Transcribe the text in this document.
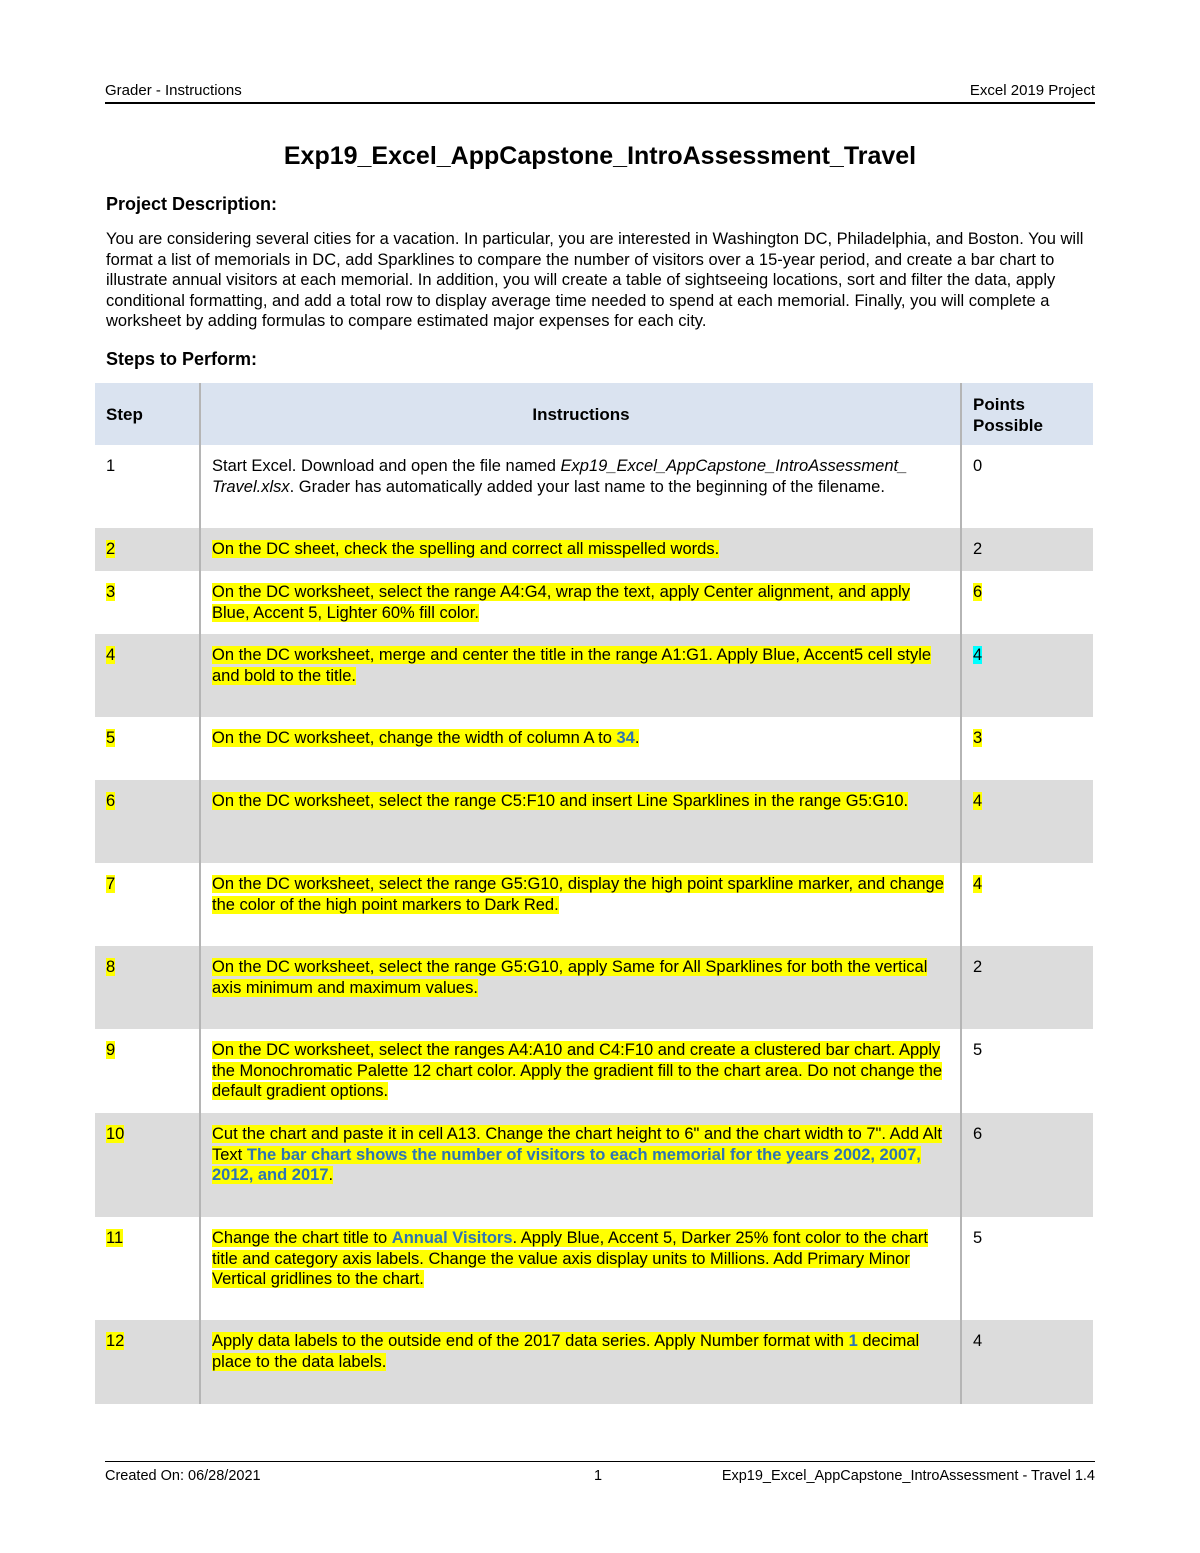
Grader - Instructions	Excel 2019 Project
Exp19_Excel_AppCapstone_IntroAssessment_Travel
Project Description:
You are considering several cities for a vacation. In particular, you are interested in Washington DC, Philadelphia, and Boston. You will format a list of memorials in DC, add Sparklines to compare the number of visitors over a 15-year period, and create a bar chart to illustrate annual visitors at each memorial. In addition, you will create a table of sightseeing locations, sort and filter the data, apply conditional formatting, and add a total row to display average time needed to spend at each memorial. Finally, you will complete a worksheet by adding formulas to compare estimated major expenses for each city.
Steps to Perform:
Step	Instructions	Points
Possible
1	Start Excel. Download and open the file named Exp19_Excel_AppCapstone_IntroAssessment_ Travel.xlsx. Grader has automatically added your last name to the beginning of the filename.	0
2	On the DC sheet, check the spelling and correct all misspelled words.	2
3	On the DC worksheet, select the range A4:G4, wrap the text, apply Center alignment, and apply Blue, Accent 5, Lighter 60% fill color.	6
4	On the DC worksheet, merge and center the title in the range A1:G1. Apply Blue, Accent5 cell style and bold to the title.	4
5	On the DC worksheet, change the width of column A to 34.	3
6	On the DC worksheet, select the range C5:F10 and insert Line Sparklines in the range G5:G10.	4
7	On the DC worksheet, select the range G5:G10, display the high point sparkline marker, and change the color of the high point markers to Dark Red.	4
8	On the DC worksheet, select the range G5:G10, apply Same for All Sparklines for both the vertical axis minimum and maximum values.	2
9	On the DC worksheet, select the ranges A4:A10 and C4:F10 and create a clustered bar chart. Apply the Monochromatic Palette 12 chart color. Apply the gradient fill to the chart area. Do not change the default gradient options.	5
10	Cut the chart and paste it in cell A13. Change the chart height to 6" and the chart width to 7". Add Alt Text The bar chart shows the number of visitors to each memorial for the years 2002, 2007, 2012, and 2017.	6
11	Change the chart title to Annual Visitors. Apply Blue, Accent 5, Darker 25% font color to the chart title and category axis labels. Change the value axis display units to Millions. Add Primary Minor Vertical gridlines to the chart.	5
12	Apply data labels to the outside end of the 2017 data series. Apply Number format with 1 decimal place to the data labels.	4
Created On: 06/28/2021	1	Exp19_Excel_AppCapstone_IntroAssessment - Travel 1.4
